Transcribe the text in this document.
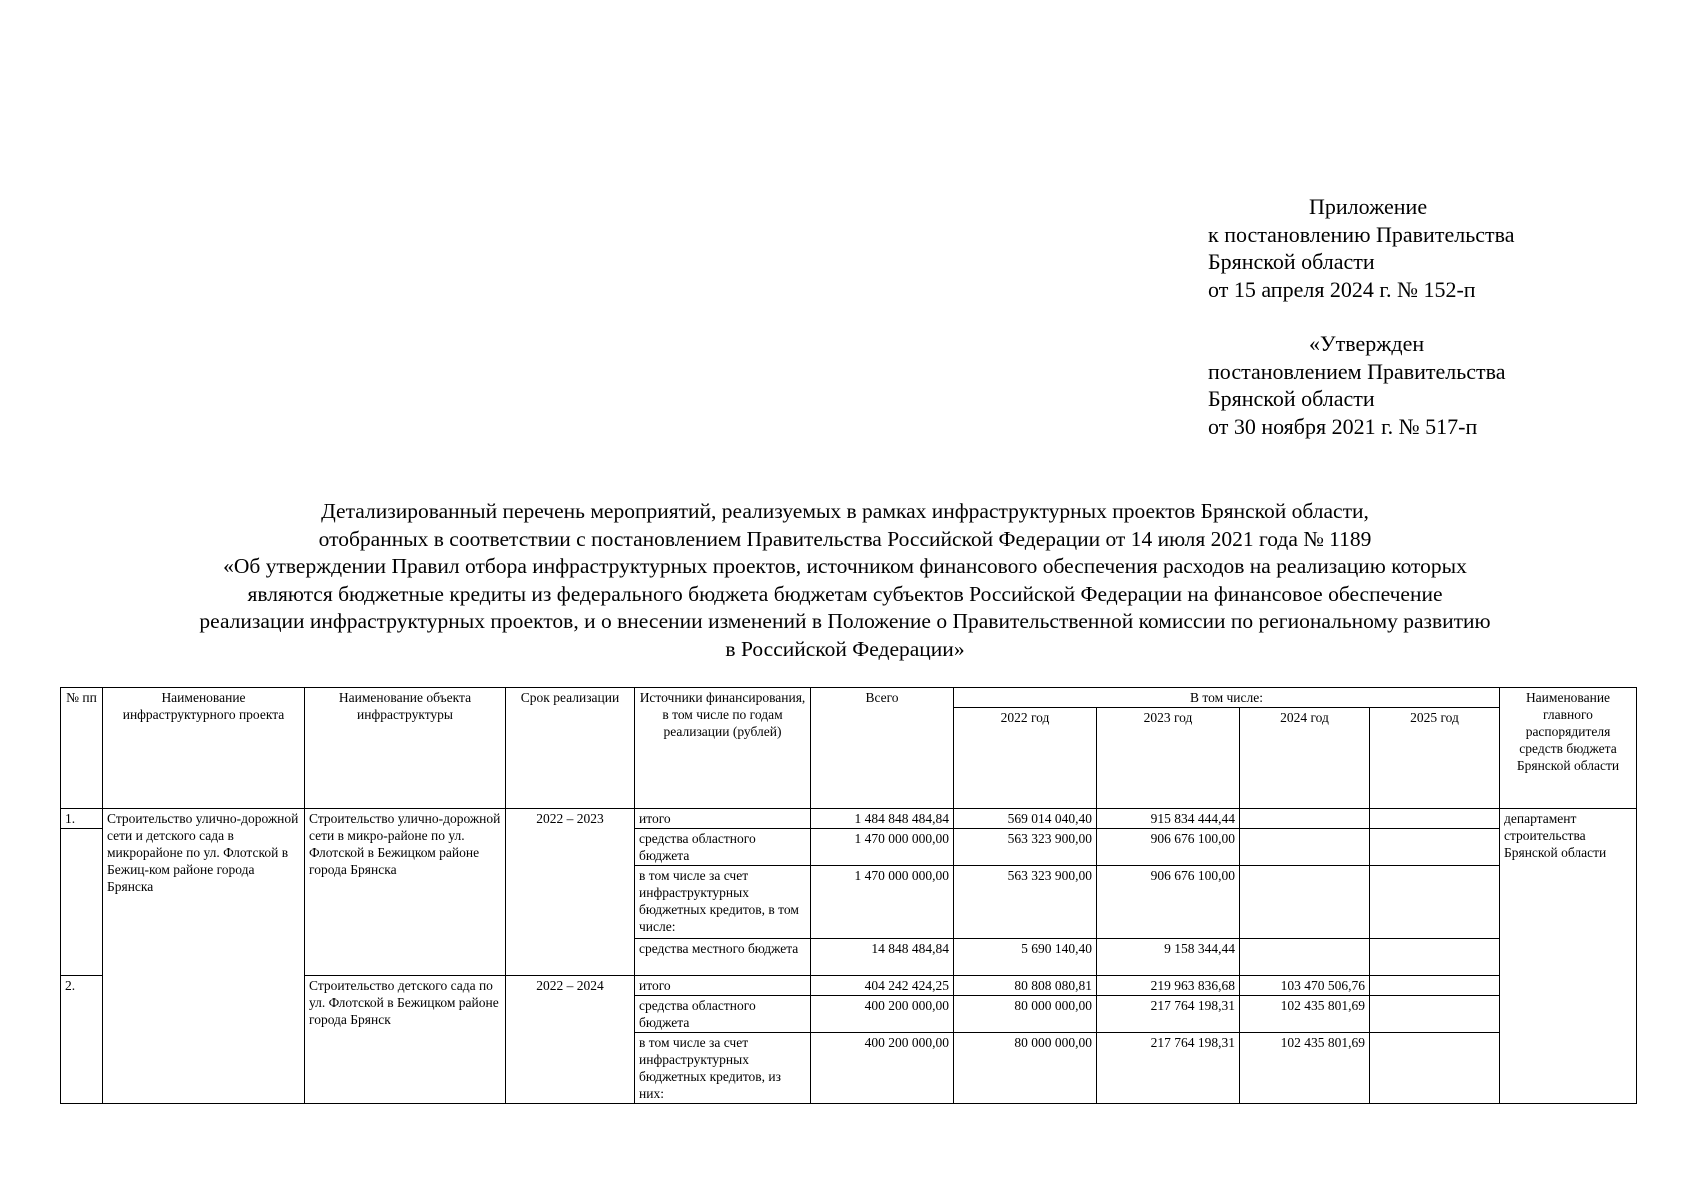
Приложение
к постановлению Правительства
Брянской области
от 15 апреля 2024 г. № 152-п
«Утвержден
постановлением Правительства
Брянской области
от 30 ноября 2021 г. № 517-п
Детализированный перечень мероприятий, реализуемых в рамках инфраструктурных проектов Брянской области,
отобранных в соответствии с постановлением Правительства Российской Федерации от 14 июля 2021 года № 1189
«Об утверждении Правил отбора инфраструктурных проектов, источником финансового обеспечения расходов на реализацию которых
являются бюджетные кредиты из федерального бюджета бюджетам субъектов Российской Федерации на финансовое обеспечение
реализации инфраструктурных проектов, и о внесении изменений в Положение о Правительственной комиссии по региональному развитию
в Российской Федерации»
№ пп	Наименование инфраструктурного проекта	Наименование объекта инфраструктуры	Срок реализации	Источники финансирования, в том числе по годам реализации (рублей)	Всего	В том числе:				Наименование главного распорядителя средств бюджета Брянской области
						2022 год	2023 год	2024 год	2025 год	
1.	Строительство улично-дорожной сети и детского сада в микрорайоне по ул. Флотской в Бежиц-ком районе города Брянска	Строительство улично-дорожной сети в микро-районе по ул. Флотской в Бежицком районе города Брянска	2022 – 2023	итого	1 484 848 484,84	569 014 040,40	915 834 444,44			департамент строительства Брянской области
				средства областного бюджета	1 470 000 000,00	563 323 900,00	906 676 100,00			
				в том числе за счет инфраструктурных бюджетных кредитов, в том числе:	1 470 000 000,00	563 323 900,00	906 676 100,00			
				средства местного бюджета	14 848 484,84	5 690 140,40	9 158 344,44			
2.		Строительство детского сада по ул. Флотской в Бежицком районе города Брянск	2022 – 2024	итого	404 242 424,25	80 808 080,81	219 963 836,68	103 470 506,76		
				средства областного бюджета	400 200 000,00	80 000 000,00	217 764 198,31	102 435 801,69		
				в том числе за счет инфраструктурных бюджетных кредитов, из них:	400 200 000,00	80 000 000,00	217 764 198,31	102 435 801,69		
